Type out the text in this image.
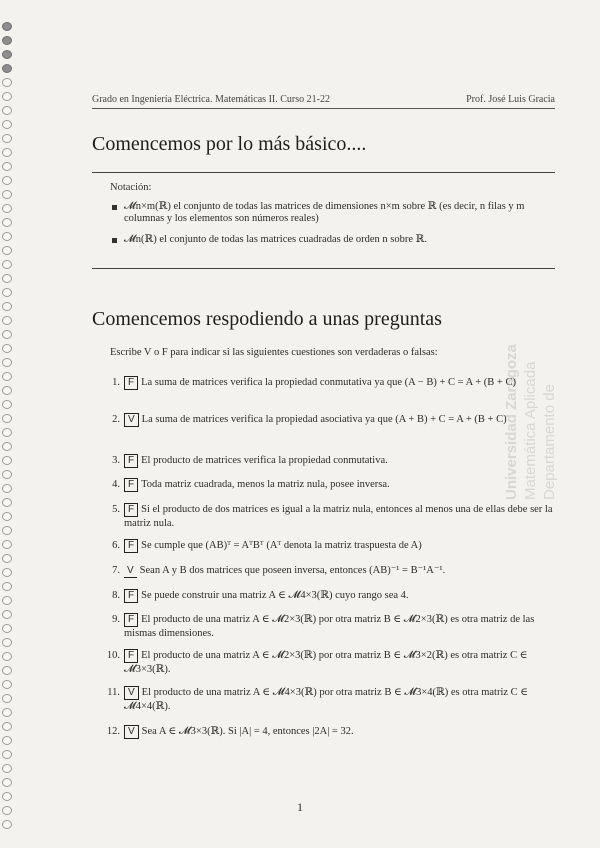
Grado en Ingeniería Eléctrica. Matemáticas II. Curso 21-22	Prof. José Luis Gracia
Comencemos por lo más básico....
Notación:
𝓜n×m(ℝ) el conjunto de todas las matrices de dimensiones n×m sobre ℝ (es decir, n filas y m columnas y los elementos son números reales)
𝓜n(ℝ) el conjunto de todas las matrices cuadradas de orden n sobre ℝ.
Departamento de
Matemática Aplicada
Universidad Zaragoza
Comencemos respodiendo a unas preguntas
Escribe V o F para indicar si las siguientes cuestiones son verdaderas o falsas:
1. F La suma de matrices verifica la propiedad conmutativa ya que (A − B) + C = A + (B + C)
2. V La suma de matrices verifica la propiedad asociativa ya que (A + B) + C = A + (B + C)
3. F El producto de matrices verifica la propiedad conmutativa.
4. F Toda matriz cuadrada, menos la matriz nula, posee inversa.
5. F Si el producto de dos matrices es igual a la matriz nula, entonces al menos una de ellas debe ser la matriz nula.
6. F Se cumple que (AB)ᵀ = AᵀBᵀ (Aᵀ denota la matriz traspuesta de A)
7. V Sean A y B dos matrices que poseen inversa, entonces (AB)⁻¹ = B⁻¹A⁻¹.
8. F Se puede construir una matriz A ∈ 𝓜4×3(ℝ) cuyo rango sea 4.
9. F El producto de una matriz A ∈ 𝓜2×3(ℝ) por otra matriz B ∈ 𝓜2×3(ℝ) es otra matriz de las mismas dimensiones.
10. F El producto de una matriz A ∈ 𝓜2×3(ℝ) por otra matriz B ∈ 𝓜3×2(ℝ) es otra matriz C ∈ 𝓜3×3(ℝ).
11. V El producto de una matriz A ∈ 𝓜4×3(ℝ) por otra matriz B ∈ 𝓜3×4(ℝ) es otra matriz C ∈ 𝓜4×4(ℝ).
12. V Sea A ∈ 𝓜3×3(ℝ). Si |A| = 4, entonces |2A| = 32.
1
